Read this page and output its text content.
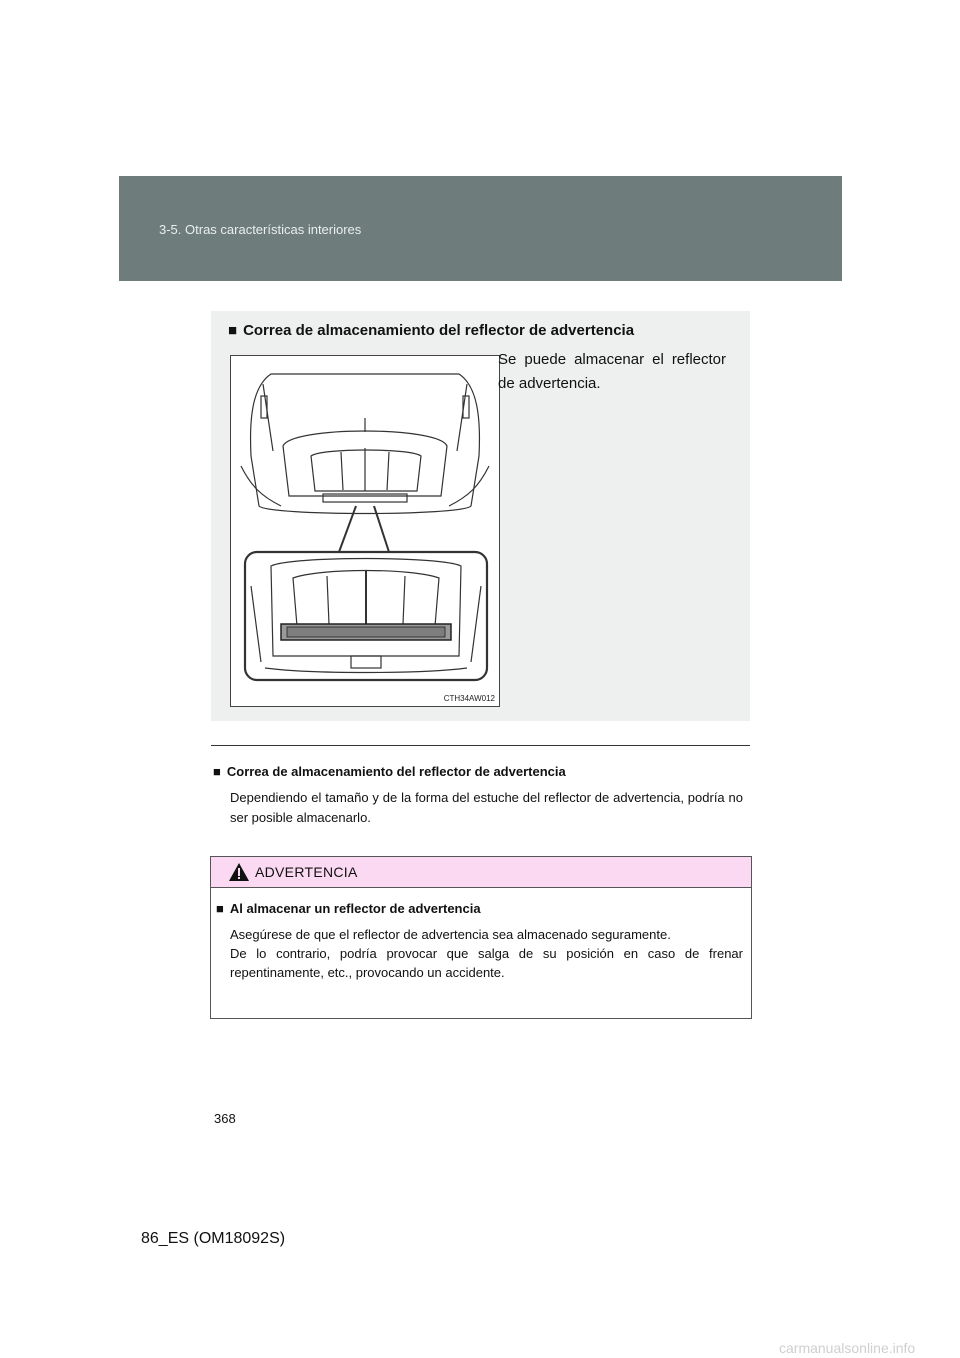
3-5. Otras características interiores
■ Correa de almacenamiento del reflector de advertencia
CTH34AW012
Se puede almacenar el reflector de advertencia.
■ Correa de almacenamiento del reflector de advertencia
Dependiendo el tamaño y de la forma del estuche del reflector de advertencia, podría no ser posible almacenarlo.
ADVERTENCIA
■ Al almacenar un reflector de advertencia

Asegúrese de que el reflector de advertencia sea almacenado seguramente.

De lo contrario, podría provocar que salga de su posición en caso de frenar repentinamente, etc., provocando un accidente.

368
86_ES (OM18092S)
carmanualsonline.info
